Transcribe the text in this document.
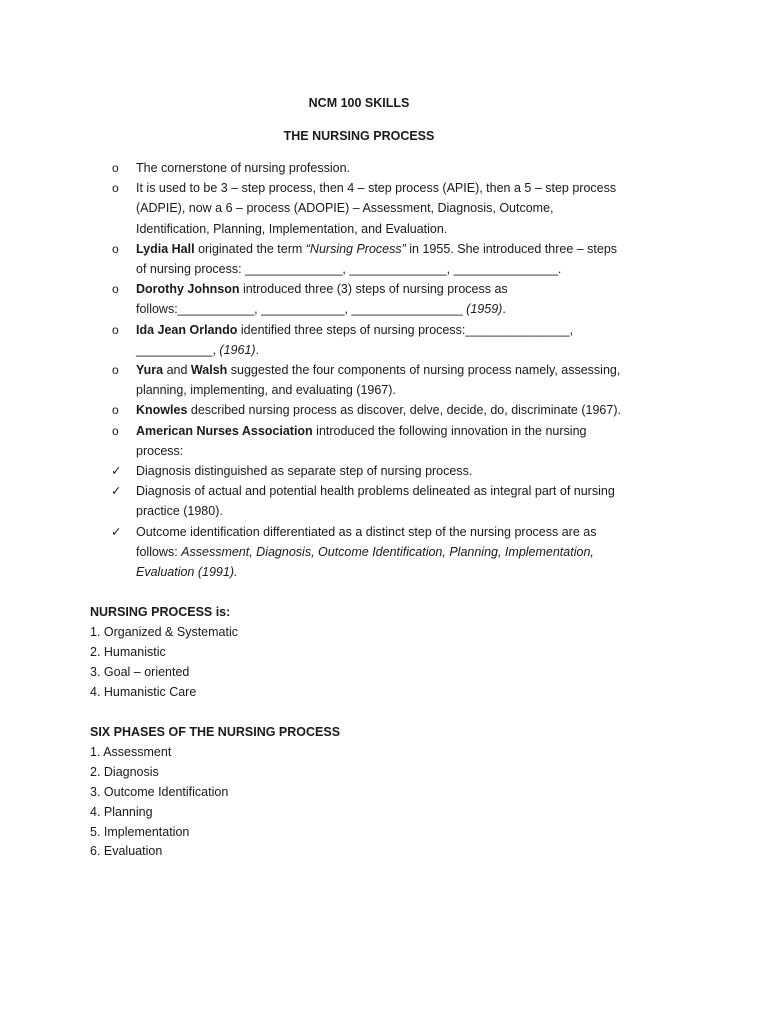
NCM 100 SKILLS
THE NURSING PROCESS
o The cornerstone of nursing profession.
o It is used to be 3 – step process, then 4 – step process (APIE), then a 5 – step process (ADPIE), now a 6 – process (ADOPIE) – Assessment, Diagnosis, Outcome, Identification, Planning, Implementation, and Evaluation.
o Lydia Hall originated the term “Nursing Process” in 1955. She introduced three – steps of nursing process: ______________, ______________, _______________.
o Dorothy Johnson introduced three (3) steps of nursing process as follows:___________, ____________, ________________ (1959).
o Ida Jean Orlando identified three steps of nursing process:_______________, ___________, (1961).
o Yura and Walsh suggested the four components of nursing process namely, assessing, planning, implementing, and evaluating (1967).
o Knowles described nursing process as discover, delve, decide, do, discriminate (1967).
o American Nurses Association introduced the following innovation in the nursing process:
✓ Diagnosis distinguished as separate step of nursing process.
✓ Diagnosis of actual and potential health problems delineated as integral part of nursing practice (1980).
✓ Outcome identification differentiated as a distinct step of the nursing process are as follows: Assessment, Diagnosis, Outcome Identification, Planning, Implementation, Evaluation (1991).
NURSING PROCESS is:
1. Organized & Systematic
2. Humanistic
3. Goal – oriented
4. Humanistic Care
SIX PHASES OF THE NURSING PROCESS
1. Assessment
2. Diagnosis
3. Outcome Identification
4. Planning
5. Implementation
6. Evaluation
